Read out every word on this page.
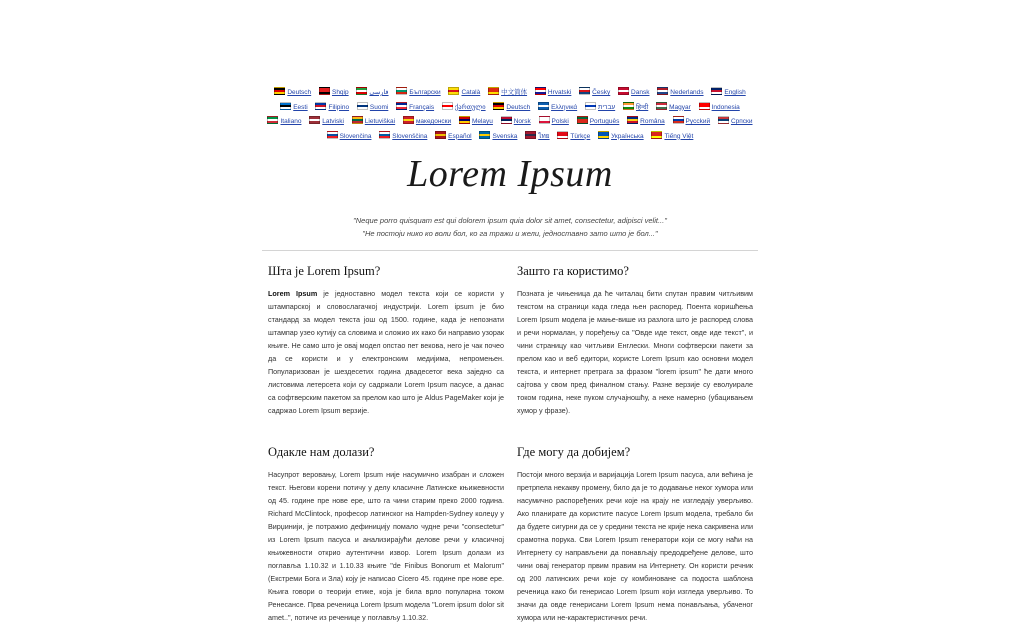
Deutsch	Shqip	فارسی	Български	Català	中文简体	Hrvatski	Česky	Dansk	Nederlands	English Eesti	Filipino	Suomi	Français	ქართული	Deutsch	Ελληνικά	עברית	हिन्दी	Magyar	Indonesia Italiano	Latviski	Lietuviškai	македонски	Melayu	Norsk	Polski	Português	Româna	Pycckий	Српски Slovenčina	Slovenščina	Español	Svenska	ไทย	Türkçe	Українська	Tiếng Việt
Lorem Ipsum
"Neque porro quisquam est qui dolorem ipsum quia dolor sit amet, consectetur, adipisci velit..."
"Не постоји нико ко воли бол, ко га тражи и жели, једноставно зато што је бол..."
Шта је Lorem Ipsum?

Lorem Ipsum је једноставно модел текста који се користи у штампарској и словослагачкој индустрији. Lorem ipsum је био стандард за модел текста још од 1500. године, када је непознати штампар узео кутију са словима и сложио их како би направио узорак књиге. Не само што је овај модел опстао пет векова, него је чак почео да се користи и у електронским медијима, непромењен. Популаризован је шездесетих година двадесетог века заједно са листовима летерсета који су садржали Lorem Ipsum пасусе, а данас са софтверским пакетом за прелом као што је Aldus PageMaker који је садржао Lorem Ipsum верзије.

Зашто га користимо?

Позната је чињеница да ће читалац бити спутан правим читљивим текстом на страници када гледа њен распоред. Поента коришћења Lorem Ipsum модела је мање-више из разлога што је распоред слова и речи нормалан, у поређењу са "Овде иде текст, овде иде текст", и чини страницу као читљиви Енглески. Многи софтверски пакети за прелом као и веб едитори, користе Lorem Ipsum као основни модел текста, и интернет претрага за фразом "lorem ipsum" ће дати много сајтова у свом пред финалном стању. Разне верзије су еволуирале током година, неке пуком случајношћу, а неке намерно (убацивањем хумор у фразе).

Одакле нам долази?

Насупрот веровању, Lorem Ipsum није насумично изабран и сложен текст. Његови корени потичу у делу класичне Латинске књижевности од 45. године пре нове ере, што га чини старим преко 2000 година. Richard McClintock, професор латинског на Hampden-Sydney колеџу у Вирџинији, је потражио дефиницију помало чудне речи "consectetur" из Lorem Ipsum пасуса и анализирајући делове речи у класичној књижевности открио аутентични извор. Lorem Ipsum долази из поглавља 1.10.32 и 1.10.33 књиге "de Finibus Bonorum et Malorum" (Екстреми Бога и Зла) коју је написао Cicero 45. године пре нове ере. Књига говори о теорији етике, која је била врло популарна током Ренесансе. Прва реченица Lorem Ipsum модела "Lorem ipsum dolor sit amet..", потиче из реченице у поглављу 1.10.32.

Где могу да добијем?

Постоји много верзија и варијација Lorem Ipsum пасуса, али већина је претрпела некакву промену, било да је то додавање неког хумора или насумично распоређених речи које на крају не изгледају уверљиво. Ако планирате да користите пасусе Lorem Ipsum модела, требало би да будете сигурни да се у средини текста не крије нека сакривена или срамотна порука. Сви Lorem Ipsum генератори који се могу наћи на Интернету су направљени да понављају предодређене делове, што чини овај генератор првим правим на Интернету. Он користи речник од 200 латинских речи које су комбиноване са подоста шаблона реченица како би генерисао Lorem Ipsum који изгледа уверљиво. То значи да овде генерисани Lorem Ipsum нема понављања, убаченог хумора или не-карактеристичних речи.
